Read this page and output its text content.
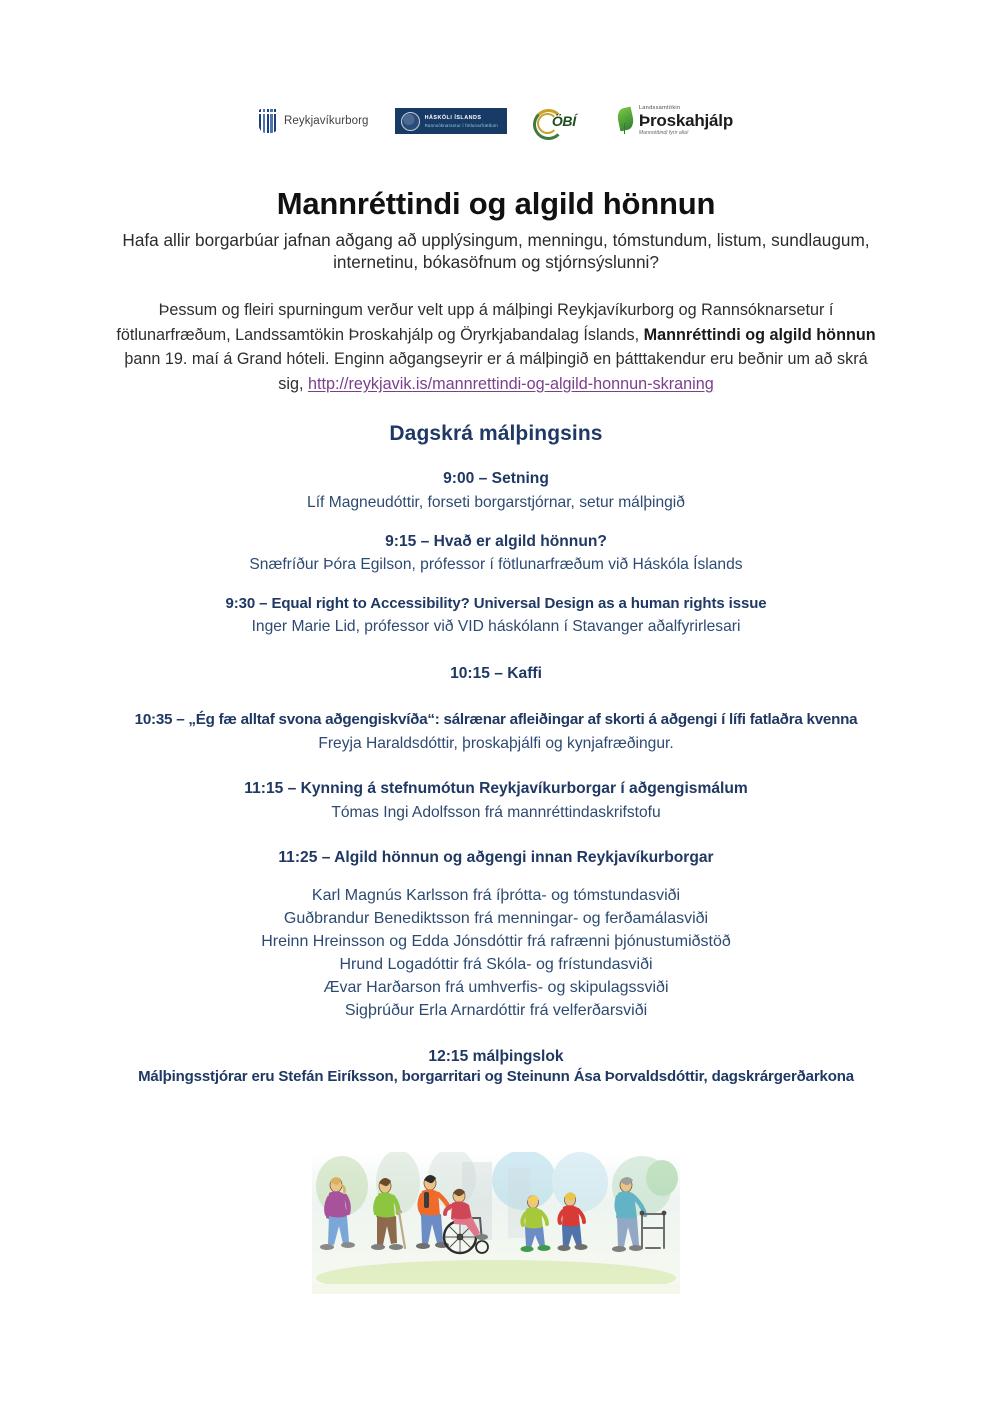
Reykjavíkurborg	HÁSKÓLI ÍSLANDS
Rannsóknarsetur í fötlunarfræðum	ÖBÍ
Landssamtökin
Þroskahjálp
Mannréttindi fyrir alla!
Mannréttindi og algild hönnun

Hafa allir borgarbúar jafnan aðgang að upplýsingum, menningu, tómstundum, listum, sundlaugum, internetinu, bókasöfnum og stjórnsýslunni?

Þessum og fleiri spurningum verður velt upp á málþingi Reykjavíkurborg og Rannsóknarsetur í fötlunarfræðum, Landssamtökin Þroskahjálp og Öryrkjabandalag Íslands, Mannréttindi og algild hönnun þann 19. maí á Grand hóteli. Enginn aðgangseyrir er á málþingið en þátttakendur eru beðnir um að skrá sig, http://reykjavik.is/mannrettindi-og-algild-honnun-skraning

Dagskrá málþingsins
9:00 – Setning
Líf Magneudóttir, forseti borgarstjórnar, setur málþingið
9:15 – Hvað er algild hönnun?
Snæfríður Þóra Egilson, prófessor í fötlunarfræðum við Háskóla Íslands
9:30 – Equal right to Accessibility? Universal Design as a human rights issue
Inger Marie Lid, prófessor við VID háskólann í Stavanger aðalfyrirlesari
10:15 – Kaffi
10:35 – „Ég fæ alltaf svona aðgengiskvíða“: sálrænar afleiðingar af skorti á aðgengi í lífi fatlaðra kvenna
Freyja Haraldsdóttir, þroskaþjálfi og kynjafræðingur.
11:15 – Kynning á stefnumótun Reykjavíkurborgar í aðgengismálum
Tómas Ingi Adolfsson frá mannréttindaskrifstofu
11:25 – Algild hönnun og aðgengi innan Reykjavíkurborgar
Karl Magnús Karlsson frá íþrótta- og tómstundasviði
Guðbrandur Benediktsson frá menningar- og ferðamálasviði
Hreinn Hreinsson og Edda Jónsdóttir frá rafrænni þjónustumiðstöð
Hrund Logadóttir frá Skóla- og frístundasviði
Ævar Harðarson frá umhverfis- og skipulagssviði
Sigþrúður Erla Arnardóttir frá velferðarsviði
12:15 málþingslok
Málþingsstjórar eru Stefán Eiríksson, borgarritari og Steinunn Ása Þorvaldsdóttir, dagskrárgerðarkona
